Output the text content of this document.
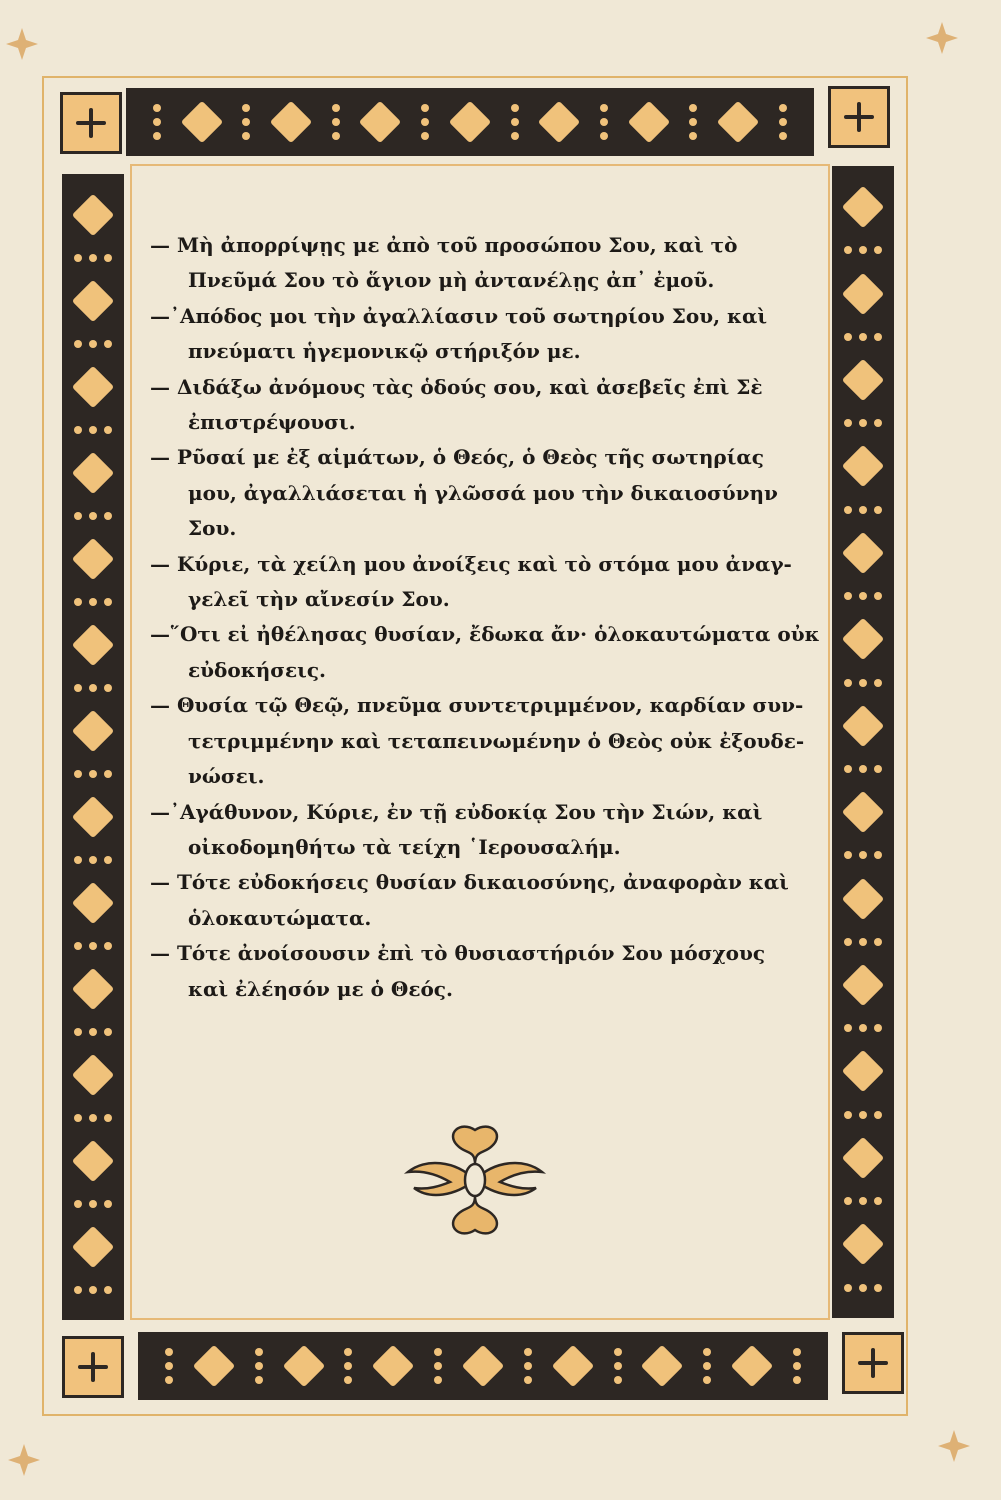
— Μὴ ἀπορρίψῃς με ἀπὸ τοῦ προσώπου Σου, καὶ τὸ
Πνεῦμά Σου τὸ ἅγιον μὴ ἀντανέλῃς ἀπ᾿ ἐμοῦ.

—᾿Απόδος μοι τὴν ἀγαλλίασιν τοῦ σωτηρίου Σου, καὶ
πνεύματι ἡγεμονικῷ στήριξόν με.

— Διδάξω ἀνόμους τὰς ὁδούς σου, καὶ ἀσεβεῖς ἐπὶ Σὲ
ἐπιστρέψουσι.

— Ρῦσαί με ἐξ αἱμάτων, ὁ Θεός, ὁ Θεὸς τῆς σωτηρίας
μου, ἀγαλλιάσεται ἡ γλῶσσά μου τὴν δικαιοσύνην
Σου.

— Κύριε, τὰ χείλη μου ἀνοίξεις καὶ τὸ στόμα μου ἀναγ-
γελεῖ τὴν αἴνεσίν Σου.

—῞Οτι εἰ ἠθέλησας θυσίαν, ἔδωκα ἄν· ὁλοκαυτώματα οὐκ
εὐδοκήσεις.

— Θυσία τῷ Θεῷ, πνεῦμα συντετριμμένον, καρδίαν συν-
τετριμμένην καὶ τεταπεινωμένην ὁ Θεὸς οὐκ ἐξουδε-
νώσει.

—᾿Αγάθυνον, Κύριε, ἐν τῇ εὐδοκίᾳ Σου τὴν Σιών, καὶ
οἰκοδομηθήτω τὰ τείχη ῾Ιερουσαλήμ.

— Τότε εὐδοκήσεις θυσίαν δικαιοσύνης, ἀναφορὰν καὶ
ὁλοκαυτώματα.

— Τότε ἀνοίσουσιν ἐπὶ τὸ θυσιαστήριόν Σου μόσχους
καὶ ἐλέησόν με ὁ Θεός.
